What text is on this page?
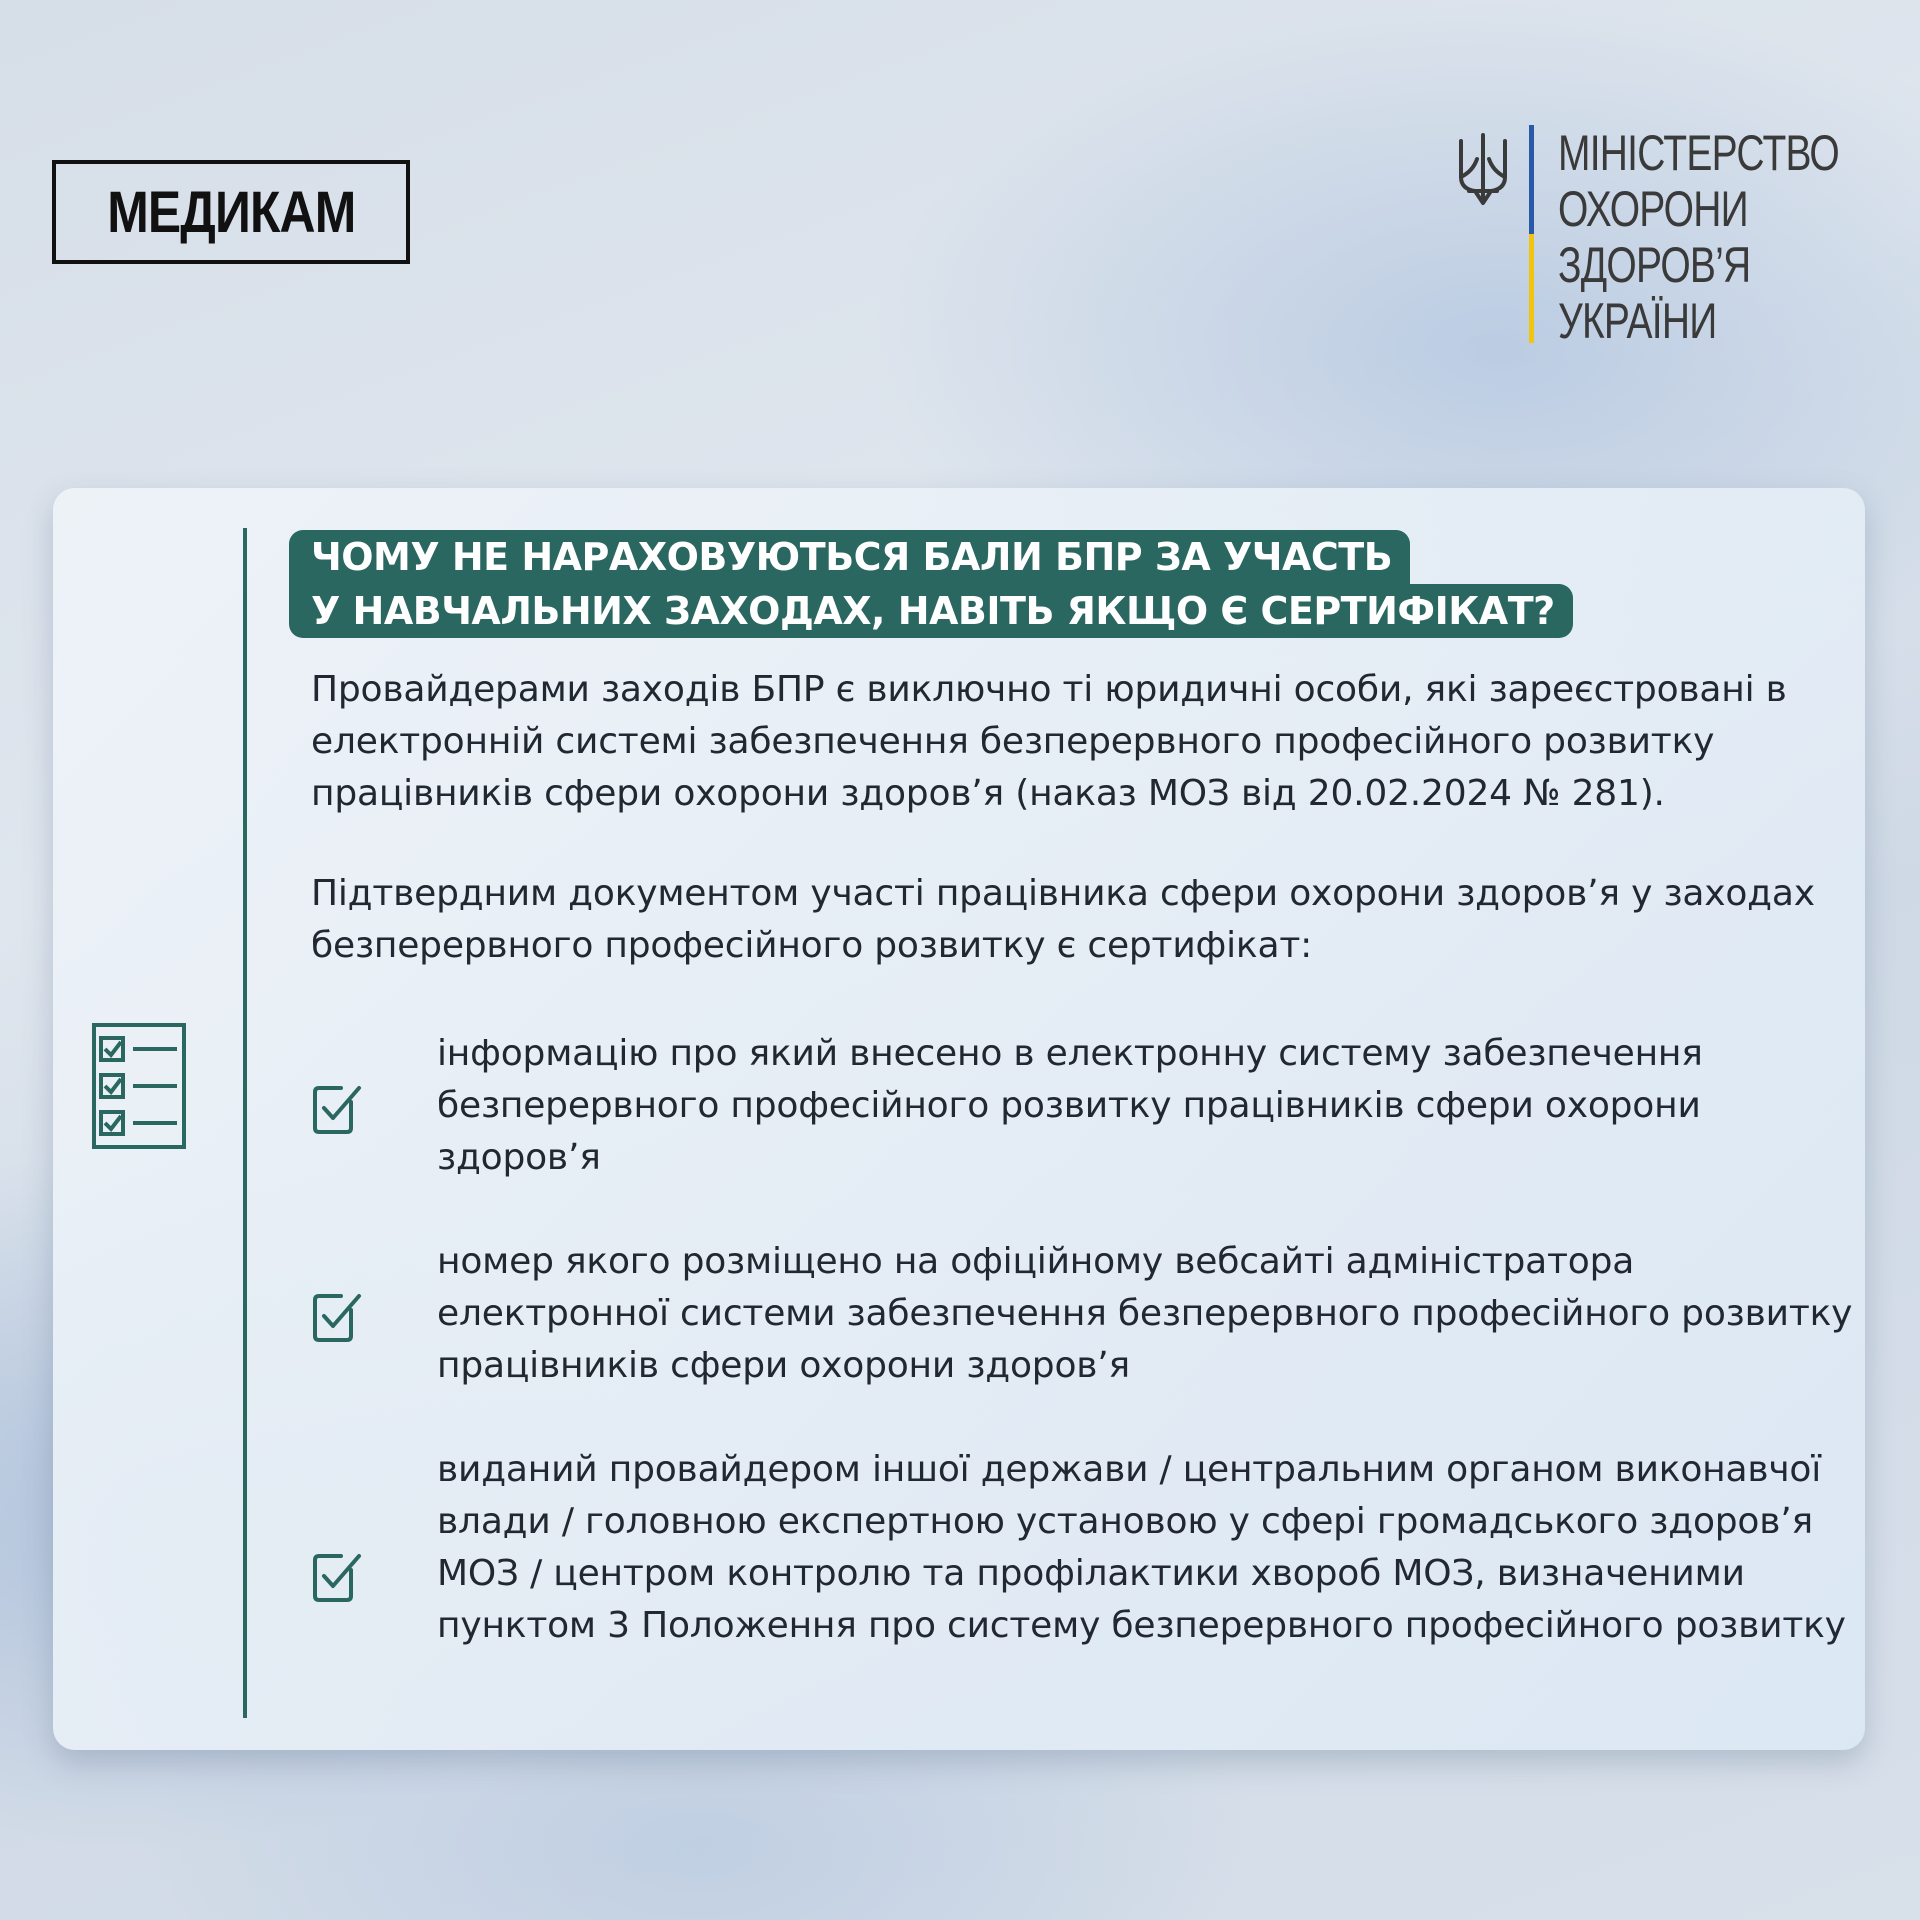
МЕДИКАМ
МІНІСТЕРСТВО
ОХОРОНИ
ЗДОРОВ’Я
УКРАЇНИ
ЧОМУ НЕ НАРАХОВУЮТЬСЯ БАЛИ БПР ЗА УЧАСТЬ
У НАВЧАЛЬНИХ ЗАХОДАХ, НАВІТЬ ЯКЩО Є СЕРТИФІКАТ?
Провайдерами заходів БПР є виключно ті юридичні особи, які зареєстровані в електронній системі забезпечення безперервного професійного розвитку працівників сфери охорони здоров’я (наказ МОЗ від 20.02.2024 № 281).
Підтвердним документом участі працівника сфери охорони здоров’я у заходах безперервного професійного розвитку є сертифікат:
інформацію про який внесено в електронну систему забезпечення безперервного професійного розвитку працівників сфери охорони здоров’я
номер якого розміщено на офіційному вебсайті адміністратора електронної системи забезпечення безперервного професійного розвитку працівників сфери охорони здоров’я
виданий провайдером іншої держави / центральним органом виконавчої влади / головною експертною установою у сфері громадського здоров’я МОЗ / центром контролю та профілактики хвороб МОЗ, визначеними пунктом 3 Положення про систему безперервного професійного розвитку
